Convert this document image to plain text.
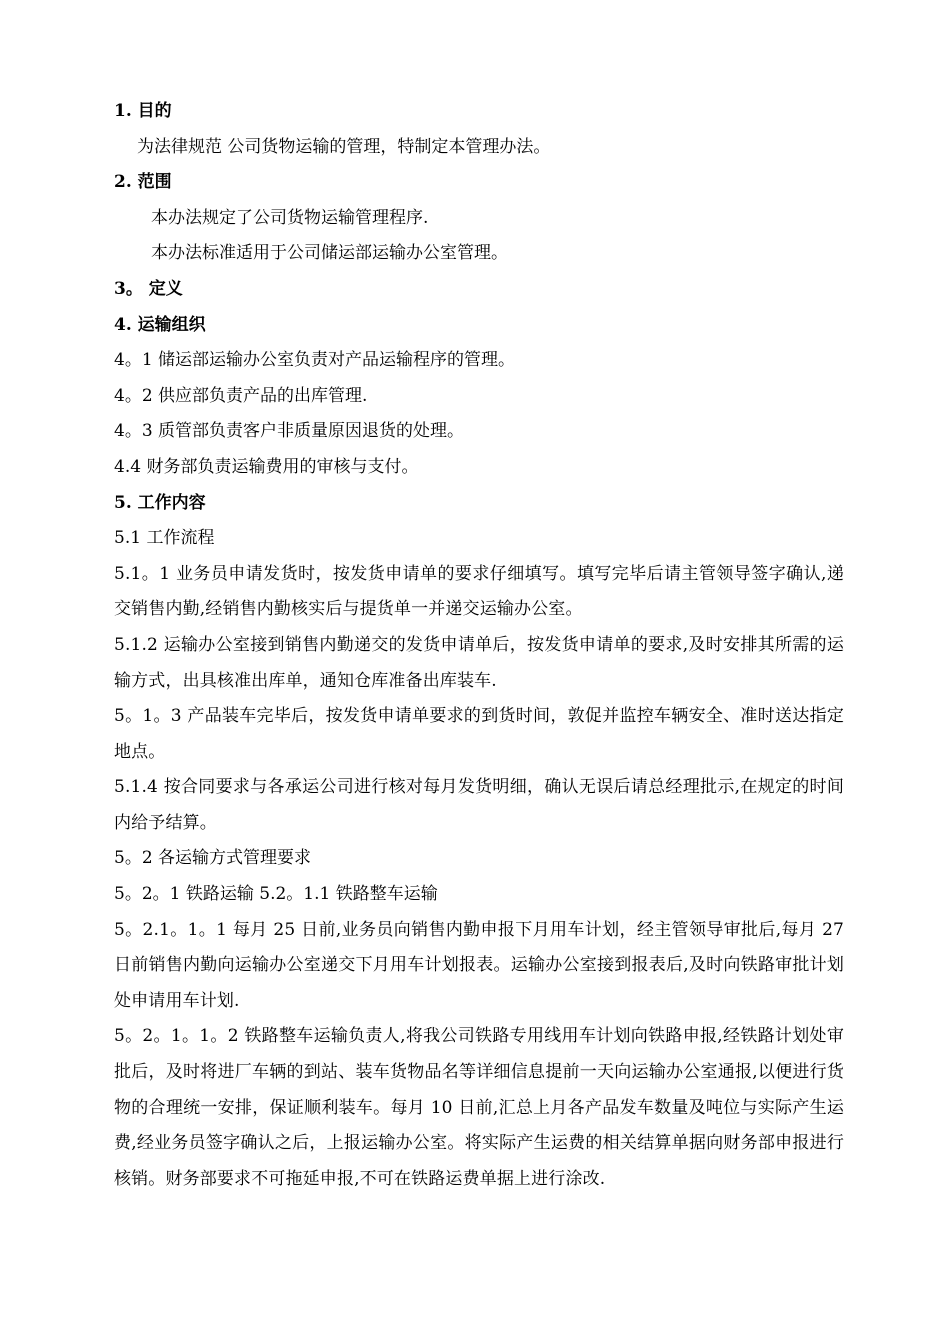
1. 目的
为法律规范 公司货物运输的管理，特制定本管理办法。
2. 范围
本办法规定了公司货物运输管理程序.
本办法标准适用于公司储运部运输办公室管理。
3。 定义
4. 运输组织
4。1 储运部运输办公室负责对产品运输程序的管理。
4。2 供应部负责产品的出库管理.
4。3 质管部负责客户非质量原因退货的处理。
4.4 财务部负责运输费用的审核与支付。
5. 工作内容
5.1 工作流程
5.1。1 业务员申请发货时，按发货申请单的要求仔细填写。填写完毕后请主管领导签字确认,递交销售内勤,经销售内勤核实后与提货单一并递交运输办公室。
5.1.2 运输办公室接到销售内勤递交的发货申请单后，按发货申请单的要求,及时安排其所需的运输方式，出具核准出库单，通知仓库准备出库装车.
5。1。3 产品装车完毕后，按发货申请单要求的到货时间，敦促并监控车辆安全、准时送达指定地点。
5.1.4 按合同要求与各承运公司进行核对每月发货明细，确认无误后请总经理批示,在规定的时间内给予结算。
5。2 各运输方式管理要求
5。2。1 铁路运输 5.2。1.1 铁路整车运输
5。2.1。1。1 每月 25 日前,业务员向销售内勤申报下月用车计划，经主管领导审批后,每月 27 日前销售内勤向运输办公室递交下月用车计划报表。运输办公室接到报表后,及时向铁路审批计划处申请用车计划.
5。2。1。1。2 铁路整车运输负责人,将我公司铁路专用线用车计划向铁路申报,经铁路计划处审批后，及时将进厂车辆的到站、装车货物品名等详细信息提前一天向运输办公室通报,以便进行货物的合理统一安排，保证顺利装车。每月 10 日前,汇总上月各产品发车数量及吨位与实际产生运费,经业务员签字确认之后，上报运输办公室。将实际产生运费的相关结算单据向财务部申报进行核销。财务部要求不可拖延申报,不可在铁路运费单据上进行涂改.
